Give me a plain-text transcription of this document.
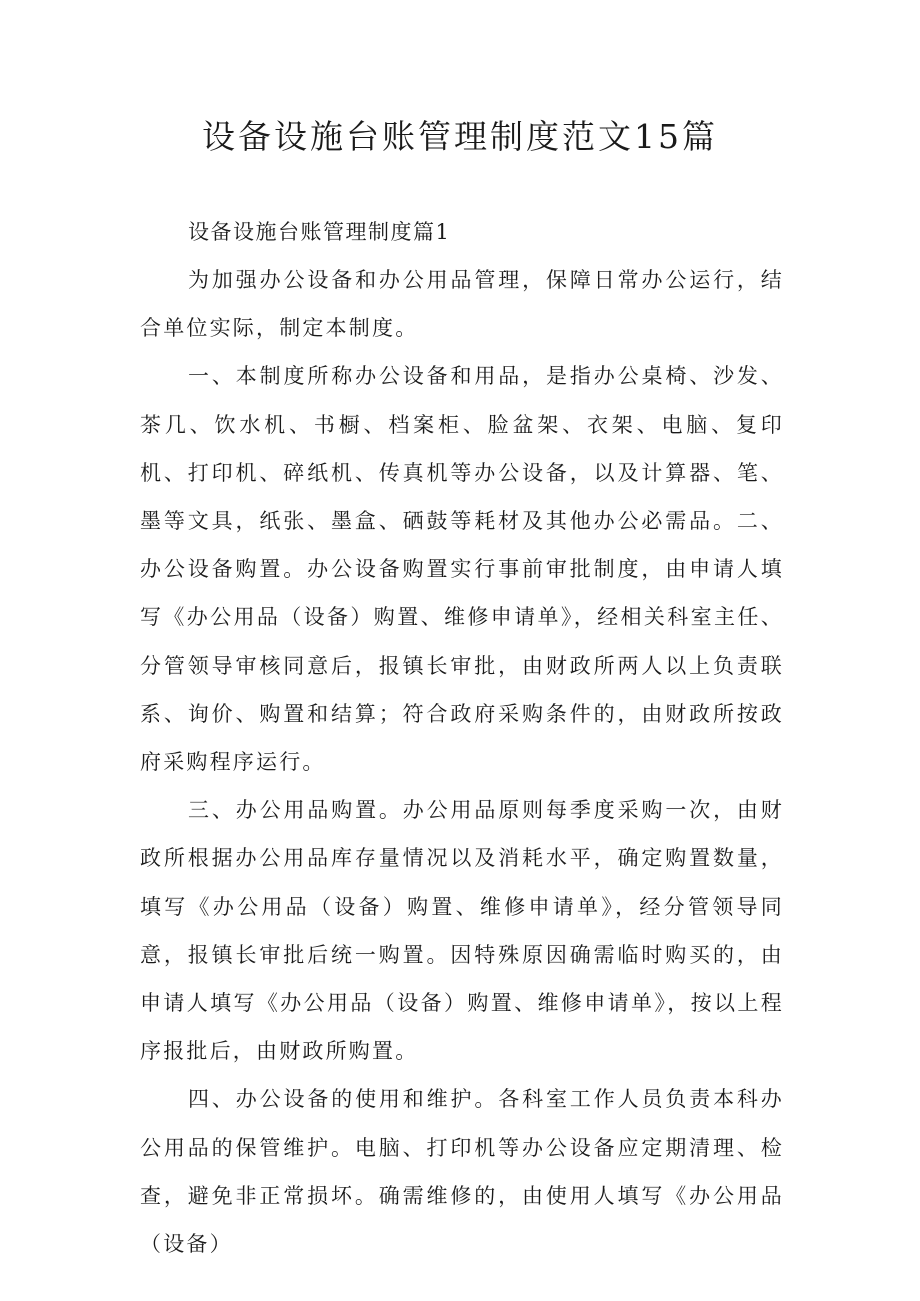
设备设施台账管理制度范文15篇

设备设施台账管理制度篇1

为加强办公设备和办公用品管理，保障日常办公运行，结合单位实际，制定本制度。

一、本制度所称办公设备和用品，是指办公桌椅、沙发、茶几、饮水机、书橱、档案柜、脸盆架、衣架、电脑、复印机、打印机、碎纸机、传真机等办公设备，以及计算器、笔、墨等文具，纸张、墨盒、硒鼓等耗材及其他办公必需品。二、办公设备购置。办公设备购置实行事前审批制度，由申请人填写《办公用品（设备）购置、维修申请单》，经相关科室主任、分管领导审核同意后，报镇长审批，由财政所两人以上负责联系、询价、购置和结算；符合政府采购条件的，由财政所按政府采购程序运行。

三、办公用品购置。办公用品原则每季度采购一次，由财政所根据办公用品库存量情况以及消耗水平，确定购置数量，填写《办公用品（设备）购置、维修申请单》，经分管领导同意，报镇长审批后统一购置。因特殊原因确需临时购买的，由申请人填写《办公用品（设备）购置、维修申请单》，按以上程序报批后，由财政所购置。

四、办公设备的使用和维护。各科室工作人员负责本科办公用品的保管维护。电脑、打印机等办公设备应定期清理、检查，避免非正常损坏。确需维修的，由使用人填写《办公用品（设备）
